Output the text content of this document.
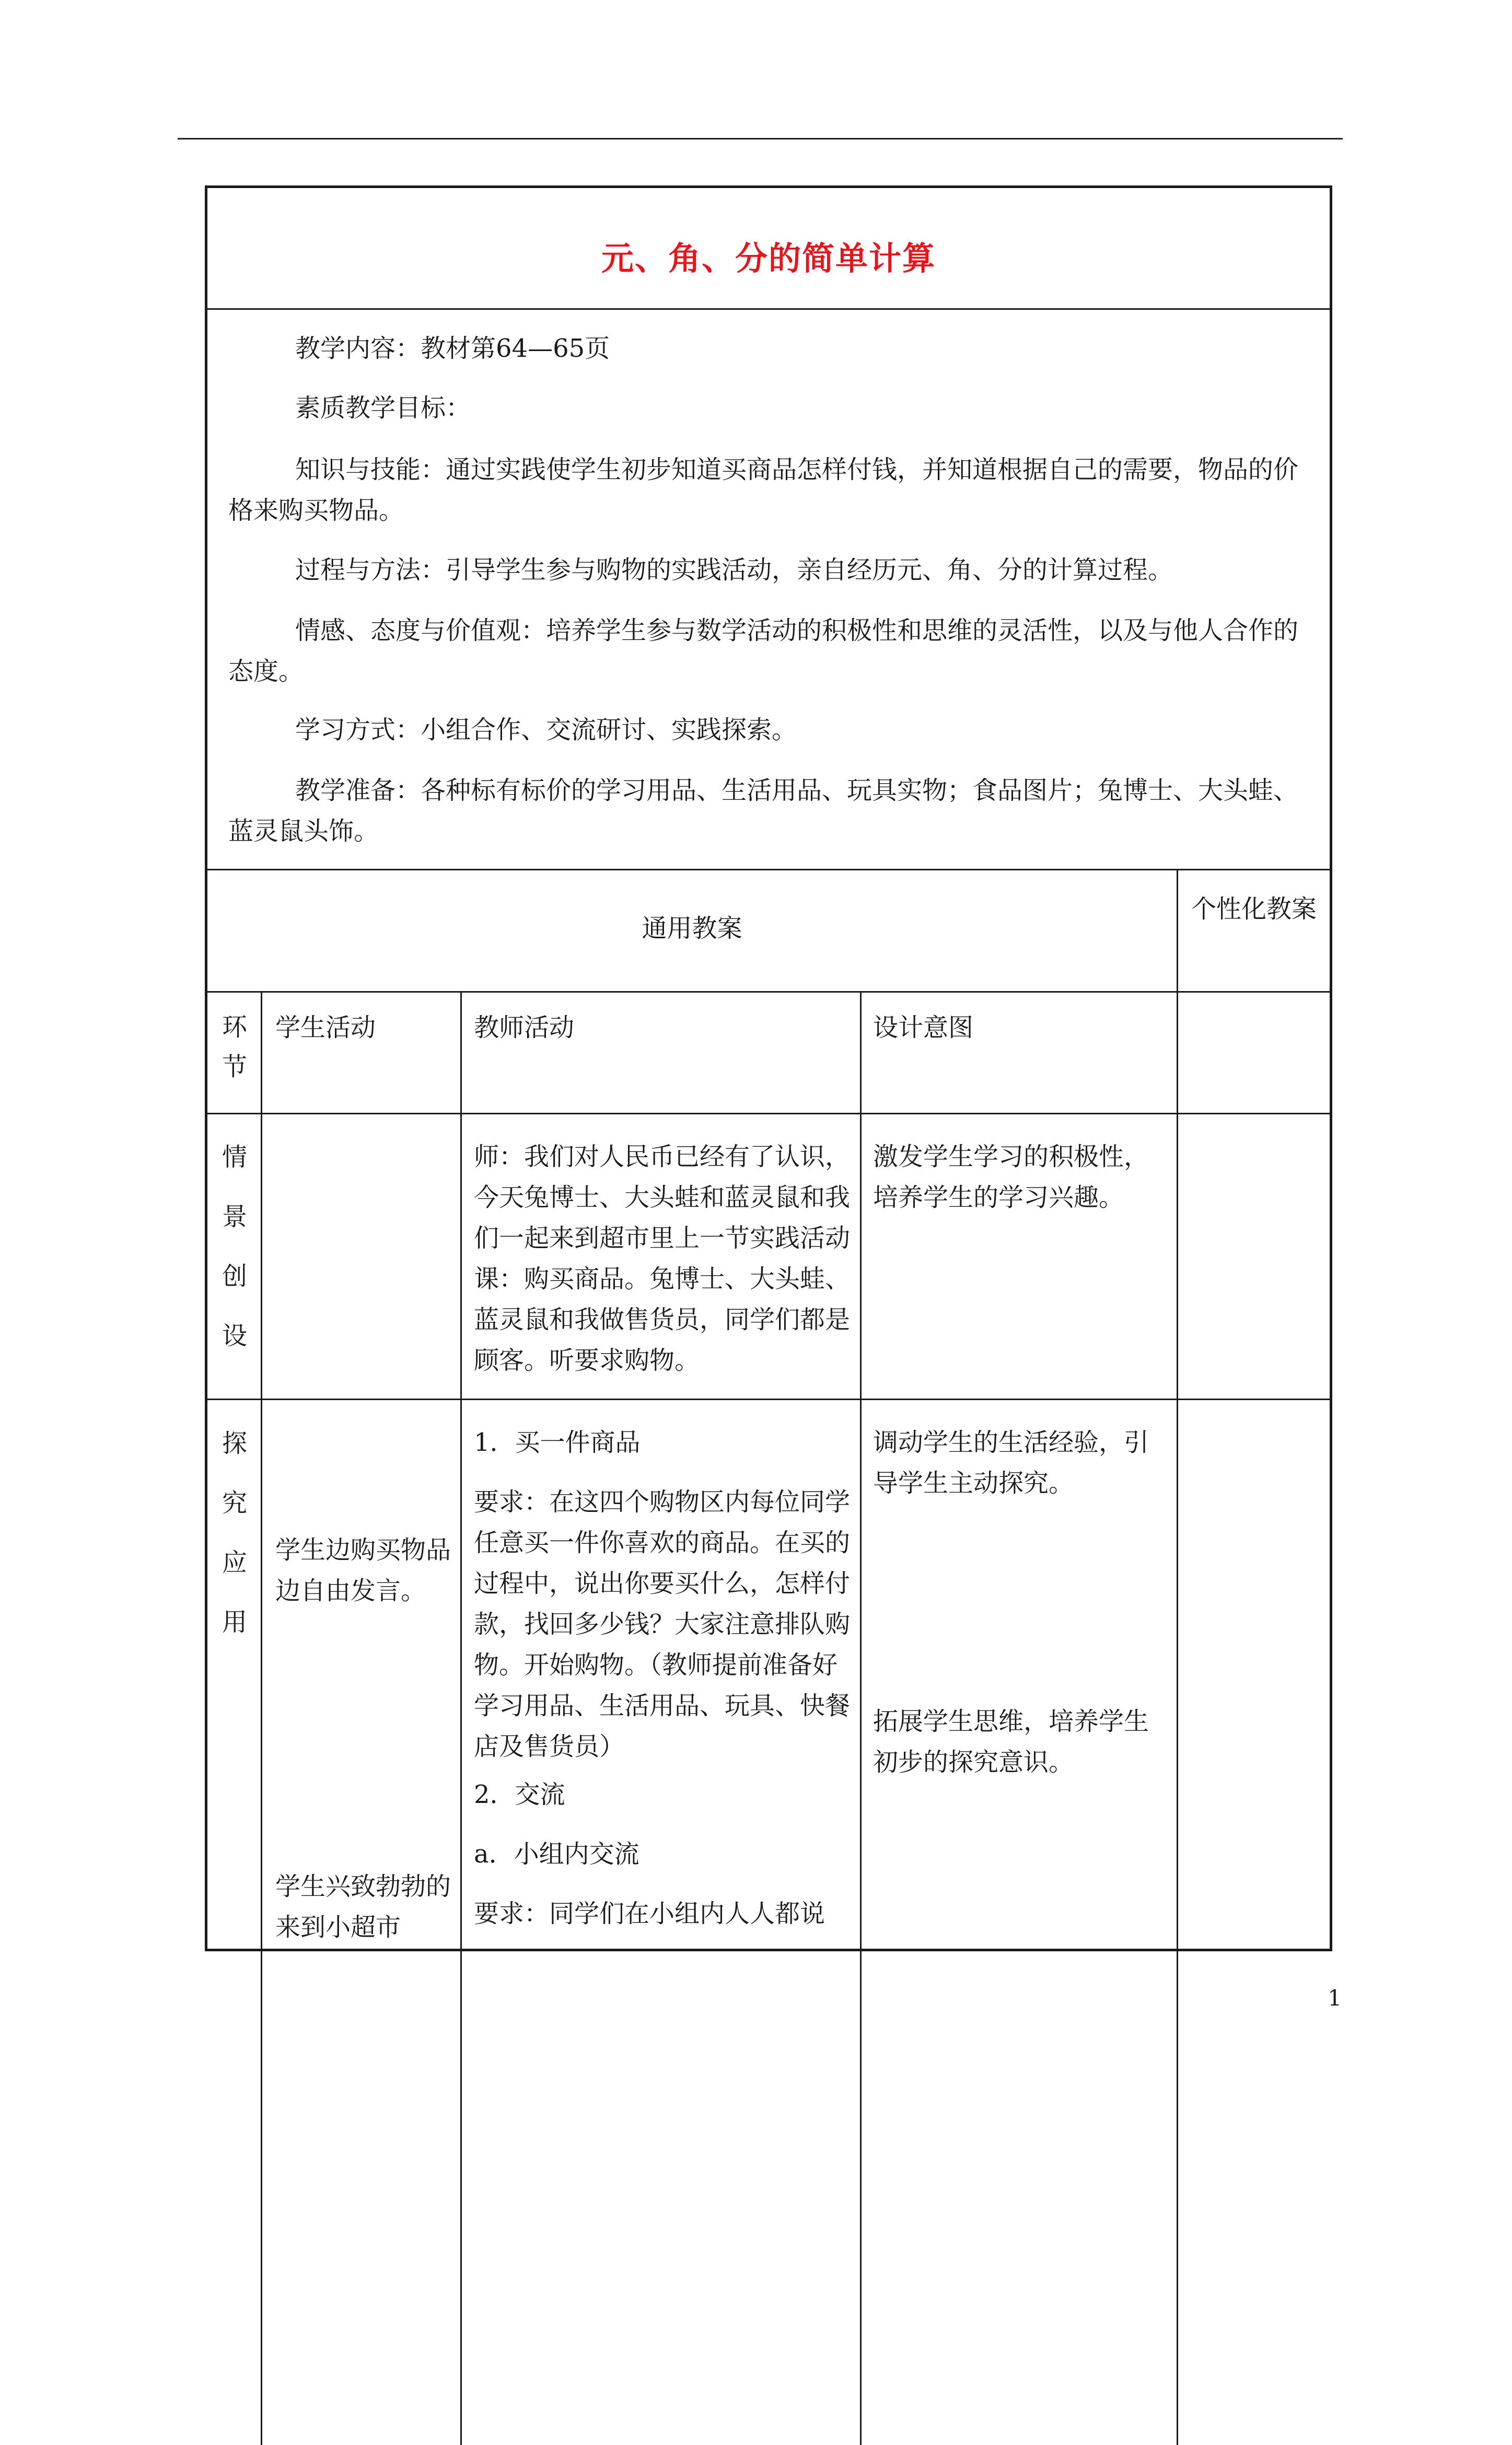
元、角、分的简单计算

教学内容：教材第64—65页

素质教学目标：

知识与技能：通过实践使学生初步知道买商品怎样付钱，并知道根据自己的需要，物品的价格来购买物品。

过程与方法：引导学生参与购物的实践活动，亲自经历元、角、分的计算过程。

情感、态度与价值观：培养学生参与数学活动的积极性和思维的灵活性，以及与他人合作的态度。

学习方式：小组合作、交流研讨、实践探索。

教学准备：各种标有标价的学习用品、生活用品、玩具实物；食品图片；兔博士、大头蛙、蓝灵鼠头饰。

通用教案
个性化教案
环
节
学生活动	教师活动	设计意图
情
景
创
设

师：我们对人民币已经有了认识，今天兔博士、大头蛙和蓝灵鼠和我们一起来到超市里上一节实践活动课：购买商品。兔博士、大头蛙、蓝灵鼠和我做售货员，同学们都是顾客。听要求购物。

激发学生学习的积极性，培养学生的学习兴趣。

探
究
应
用

学生边购买物品边自由发言。

学生兴致勃勃的来到小超市

1．买一件商品

要求：在这四个购物区内每位同学任意买一件你喜欢的商品。在买的过程中，说出你要买什么，怎样付款，找回多少钱？大家注意排队购物。开始购物。（教师提前准备好学习用品、生活用品、玩具、快餐店及售货员）

2．交流

a．小组内交流

要求：同学们在小组内人人都说

调动学生的生活经验，引导学生主动探究。

拓展学生思维，培养学生初步的探究意识。

1
